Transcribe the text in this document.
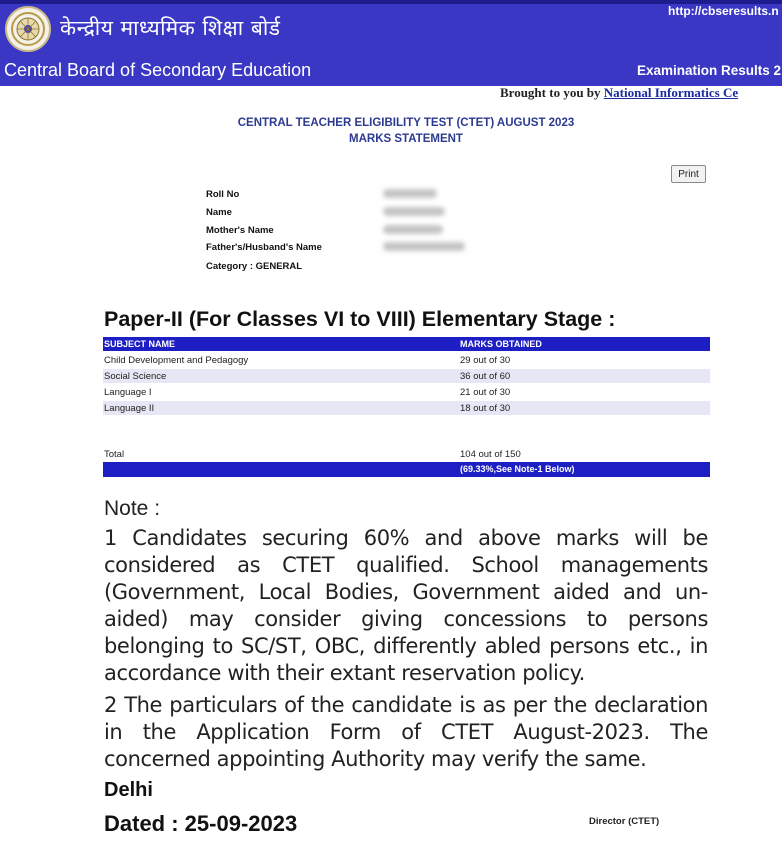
केन्द्रीय माध्यमिक शिक्षा बोर्ड
Central Board of Secondary Education
http://cbseresults.n
Examination Results 2
Brought to you by National Informatics Ce
CENTRAL TEACHER ELIGIBILITY TEST (CTET) AUGUST 2023
MARKS STATEMENT
Print
Roll No
Name
Mother's Name
Father's/Husband's Name
Category : GENERAL
Paper-II (For Classes VI to VIII) Elementary Stage :
SUBJECT NAME	MARKS OBTAINED
Child Development and Pedagogy	29 out of 30
Social Science	36 out of 60
Language I	21 out of 30
Language II	18 out of 30
Total	104 out of 150
(69.33%,See Note-1 Below)
Note :
1 Candidates securing 60% and above marks will be considered as CTET qualified. School managements (Government, Local Bodies, Government aided and un-aided) may consider giving concessions to persons belonging to SC/ST, OBC, differently abled persons etc., in accordance with their extant reservation policy.
2 The particulars of the candidate is as per the declaration in the Application Form of CTET August-2023. The concerned appointing Authority may verify the same.
Delhi
Dated : 25-09-2023	Director (CTET)
